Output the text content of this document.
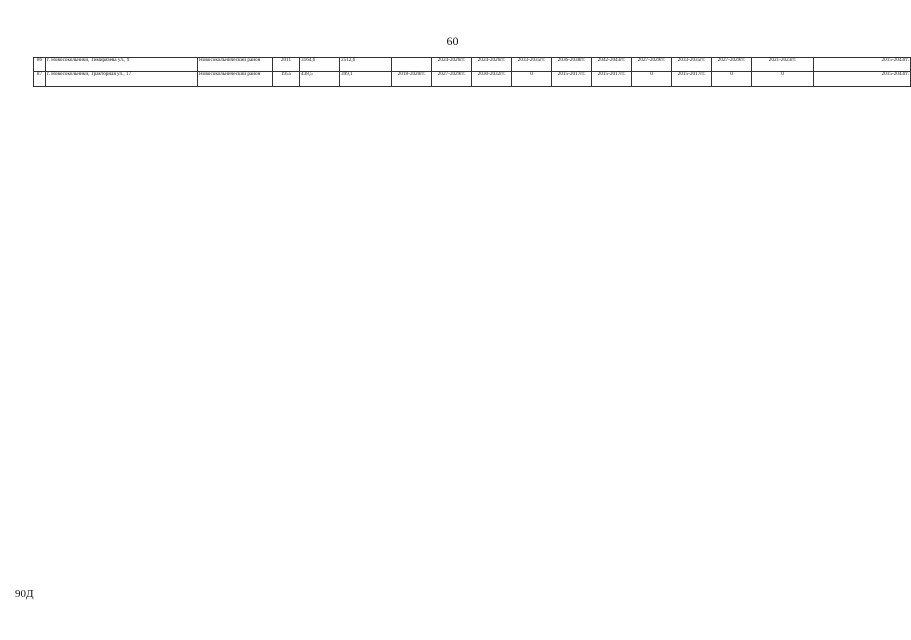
60
86	г. Новосокольники, Тимирязева ул., 9	Новосокольнический район	2011	3164,6	2512,6		2024-2026гг.	2024-2026гг.	2033-2035гг.	2036-2038гг.	2042-2043гг.	2027-2029гг.	2033-2035гг.	2027-2029гг.	2021-2023гг.	2015-2043гг.
87	г. Новосокольники, Тракторная ул., 17	Новосокольнический район	1955	438,5	399,1	2018-2020гг.	2027-2029гг.	2030-2032гг.	0	2015-2017гг.	2015-2017гг.	0	2015-2017гг.	0	0	2015-2043гг.
90Д
